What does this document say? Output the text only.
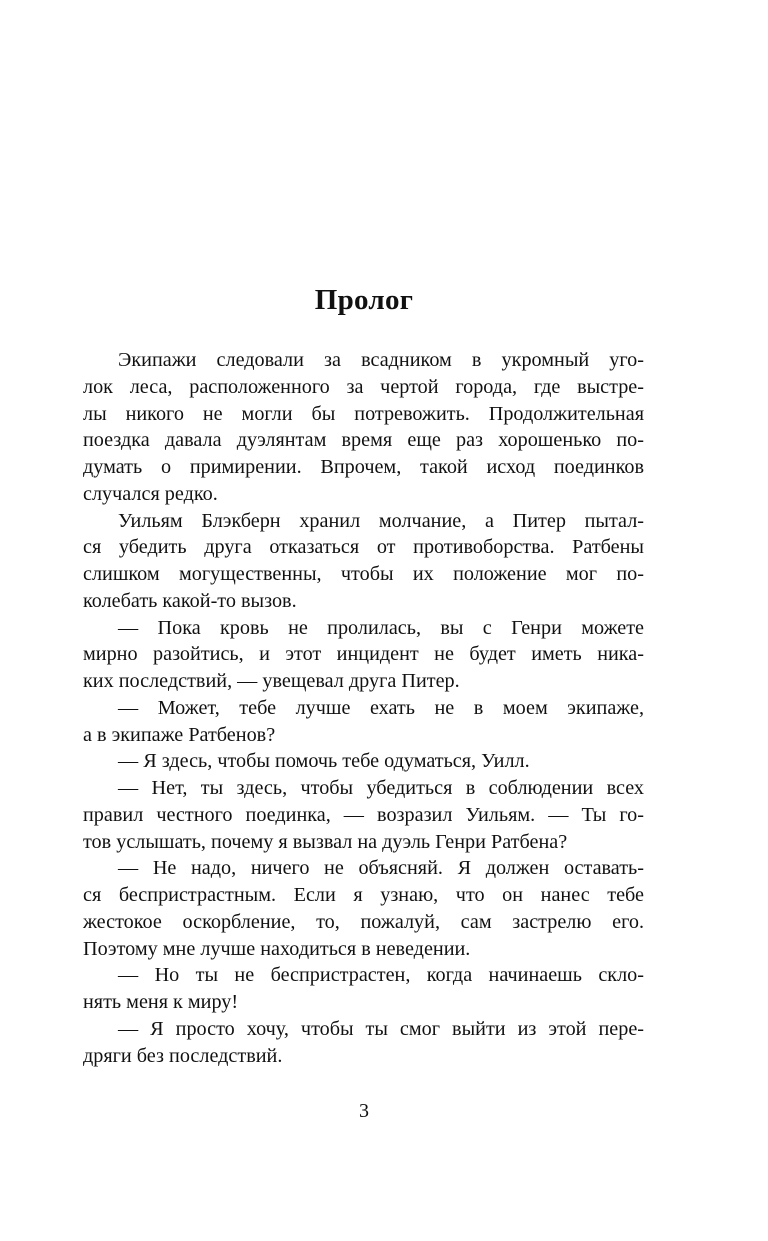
Пролог
Экипажи следовали за всадником в укромный уго-
лок леса, расположенного за чертой города, где выстре-
лы никого не могли бы потревожить. Продолжительная
поездка давала дуэлянтам время еще раз хорошенько по-
думать о примирении. Впрочем, такой исход поединков
случался редко.
Уильям Блэкберн хранил молчание, а Питер пытал-
ся убедить друга отказаться от противоборства. Ратбены
слишком могущественны, чтобы их положение мог по-
колебать какой-то вызов.
— Пока кровь не пролилась, вы с Генри можете
мирно разойтись, и этот инцидент не будет иметь ника-
ких последствий, — увещевал друга Питер.
— Может, тебе лучше ехать не в моем экипаже,
а в экипаже Ратбенов?
— Я здесь, чтобы помочь тебе одуматься, Уилл.
— Нет, ты здесь, чтобы убедиться в соблюдении всех
правил честного поединка, — возразил Уильям. — Ты го-
тов услышать, почему я вызвал на дуэль Генри Ратбена?
— Не надо, ничего не объясняй. Я должен оставать-
ся беспристрастным. Если я узнаю, что он нанес тебе
жестокое оскорбление, то, пожалуй, сам застрелю его.
Поэтому мне лучше находиться в неведении.
— Но ты не беспристрастен, когда начинаешь скло-
нять меня к миру!
— Я просто хочу, чтобы ты смог выйти из этой пере-
дряги без последствий.
3
